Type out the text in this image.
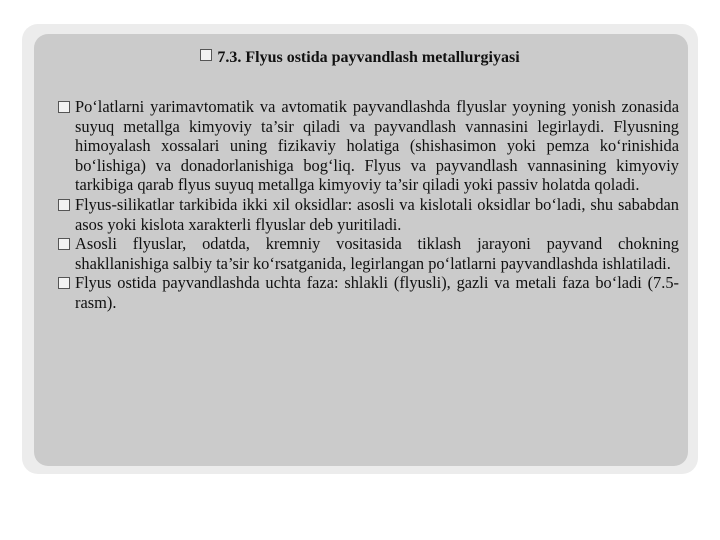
7.3. Flyus ostida payvandlash metallurgiyasi

Po‘latlarni yarimavtomatik va avtomatik payvandlashda flyuslar yoyning yonish zonasida suyuq metallga kimyoviy ta’sir qiladi va payvandlash vannasini legirlaydi. Flyusning himoyalash xossalari uning fizikaviy holatiga (shishasimon yoki pemza ko‘rinishida bo‘lishiga) va donadorlanishiga bog‘liq. Flyus va payvandlash vannasining kimyoviy tarkibiga qarab flyus suyuq metallga kimyoviy ta’sir qiladi yoki passiv holatda qoladi.

Flyus-silikatlar tarkibida ikki xil oksidlar: asosli va kislotali oksidlar bo‘ladi, shu sababdan asos yoki kislota xarakterli flyuslar deb yuritiladi.

Asosli flyuslar, odatda, kremniy vositasida tiklash jarayoni payvand chokning shakllanishiga salbiy ta’sir ko‘rsatganida, legirlangan po‘latlarni payvandlashda ishlatiladi.

Flyus ostida payvandlashda uchta faza: shlakli (flyusli), gazli va metali faza bo‘ladi (7.5-rasm).
